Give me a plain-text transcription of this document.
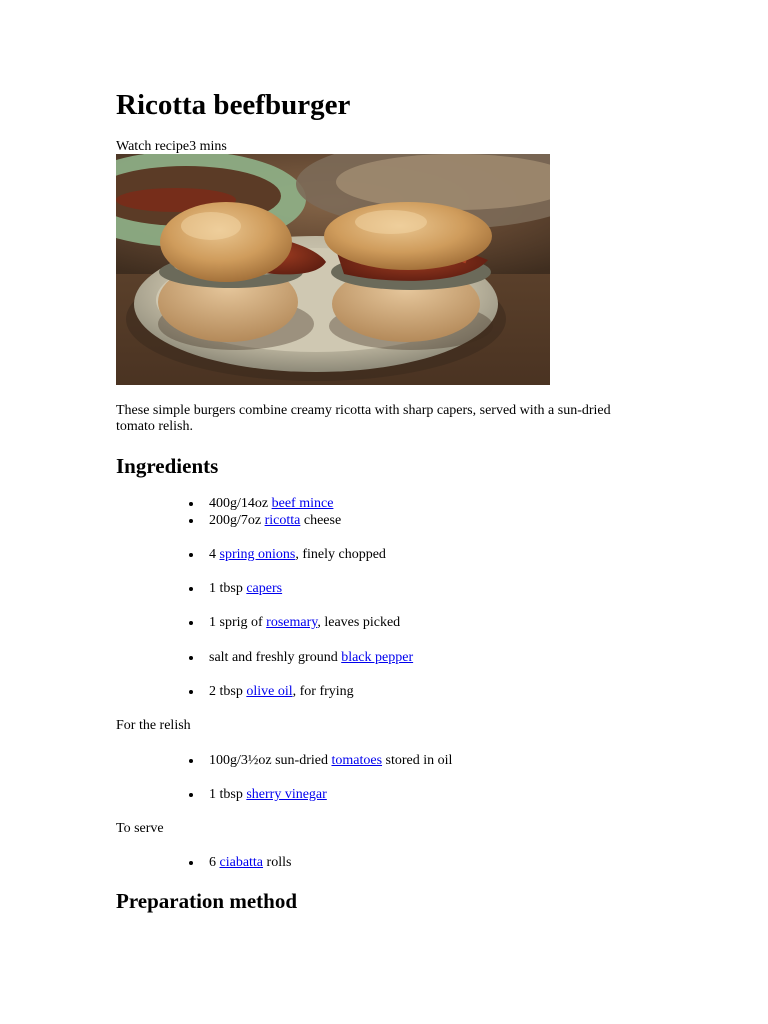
Ricotta beefburger
Watch recipe3 mins

These simple burgers combine creamy ricotta with sharp capers, served with a sun-dried tomato relish.

Ingredients
400g/14oz beef mince
200g/7oz ricotta cheese
4 spring onions, finely chopped
1 tbsp capers
1 sprig of rosemary, leaves picked
salt and freshly ground black pepper
2 tbsp olive oil, for frying
For the relish
100g/3½oz sun-dried tomatoes stored in oil
1 tbsp sherry vinegar
To serve
6 ciabatta rolls
Preparation method
